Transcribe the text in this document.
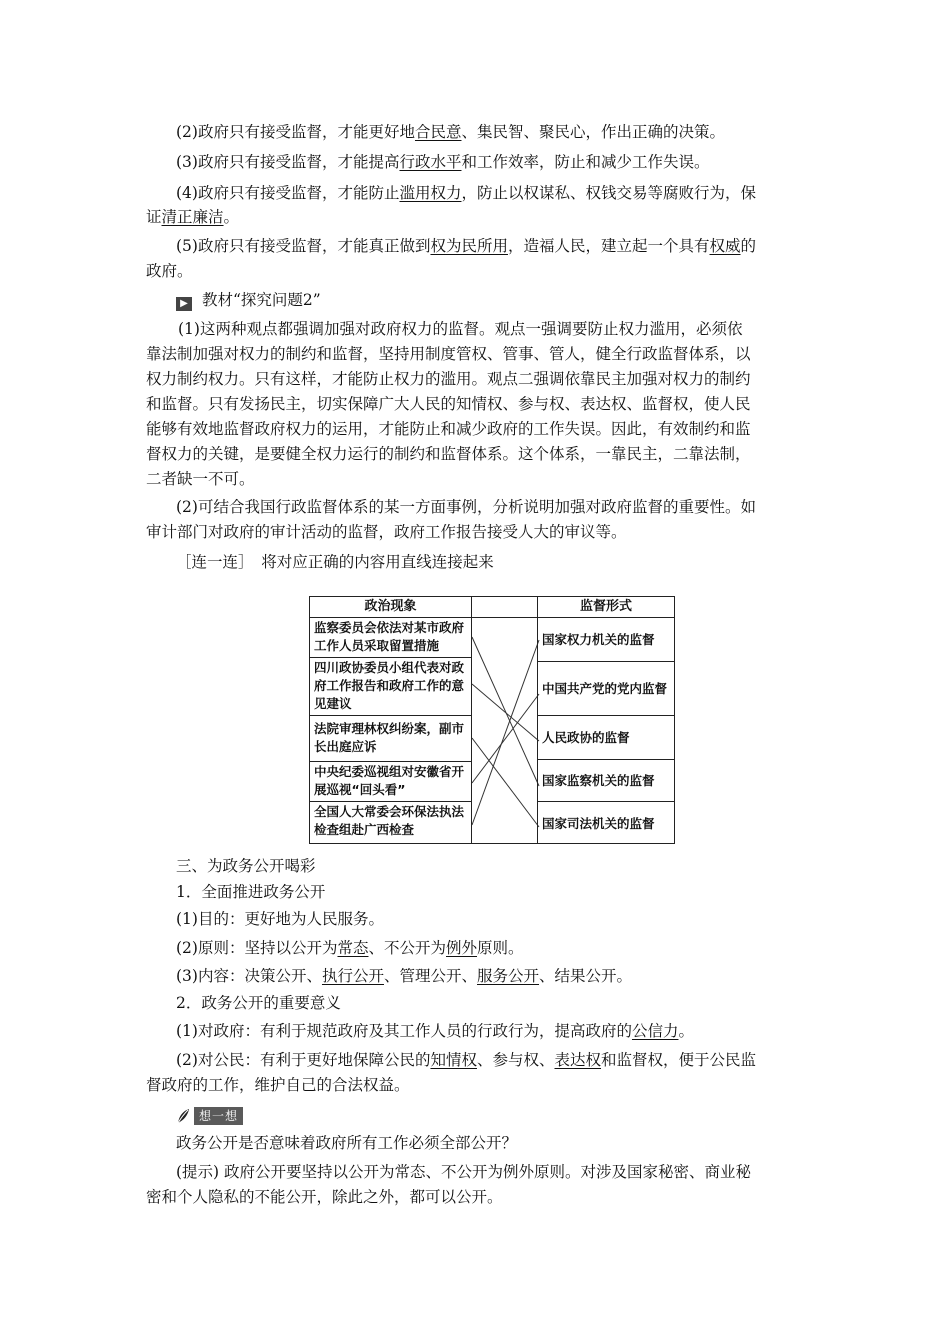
(2)政府只有接受监督，才能更好地合民意、集民智、聚民心，作出正确的决策。
(3)政府只有接受监督，才能提高行政水平和工作效率，防止和减少工作失误。
(4)政府只有接受监督，才能防止滥用权力，防止以权谋私、权钱交易等腐败行为，保
证清正廉洁。
(5)政府只有接受监督，才能真正做到权为民所用，造福人民，建立起一个具有权威的
政府。
▶ 教材“探究问题2”
(1)这两种观点都强调加强对政府权力的监督。观点一强调要防止权力滥用，必须依
靠法制加强对权力的制约和监督，坚持用制度管权、管事、管人，健全行政监督体系，以
权力制约权力。只有这样，才能防止权力的滥用。观点二强调依靠民主加强对权力的制约
和监督。只有发扬民主，切实保障广大人民的知情权、参与权、表达权、监督权，使人民
能够有效地监督政府权力的运用，才能防止和减少政府的工作失误。因此，有效制约和监
督权力的关键，是要健全权力运行的制约和监督体系。这个体系，一靠民主，二靠法制，
二者缺一不可。
(2)可结合我国行政监督体系的某一方面事例，分析说明加强对政府监督的重要性。如
审计部门对政府的审计活动的监督，政府工作报告接受人大的审议等。
［连一连］　将对应正确的内容用直线连接起来
政治现象
监察委员会依法对某市政府工作人员采取留置措施
四川政协委员小组代表对政府工作报告和政府工作的意见建议
法院审理林权纠纷案，副市长出庭应诉
中央纪委巡视组对安徽省开展巡视“回头看”
全国人大常委会环保法执法检查组赴广西检查
监督形式
国家权力机关的监督
中国共产党的党内监督
人民政协的监督
国家监察机关的监督
国家司法机关的监督
三、为政务公开喝彩
1．全面推进政务公开
(1)目的：更好地为人民服务。
(2)原则：坚持以公开为常态、不公开为例外原则。
(3)内容：决策公开、执行公开、管理公开、服务公开、结果公开。
2．政务公开的重要意义
(1)对政府：有利于规范政府及其工作人员的行政行为，提高政府的公信力。
(2)对公民：有利于更好地保障公民的知情权、参与权、表达权和监督权，便于公民监
督政府的工作，维护自己的合法权益。
想一想
政务公开是否意味着政府所有工作必须全部公开？
(提示) 政府公开要坚持以公开为常态、不公开为例外原则。对涉及国家秘密、商业秘
密和个人隐私的不能公开，除此之外，都可以公开。
